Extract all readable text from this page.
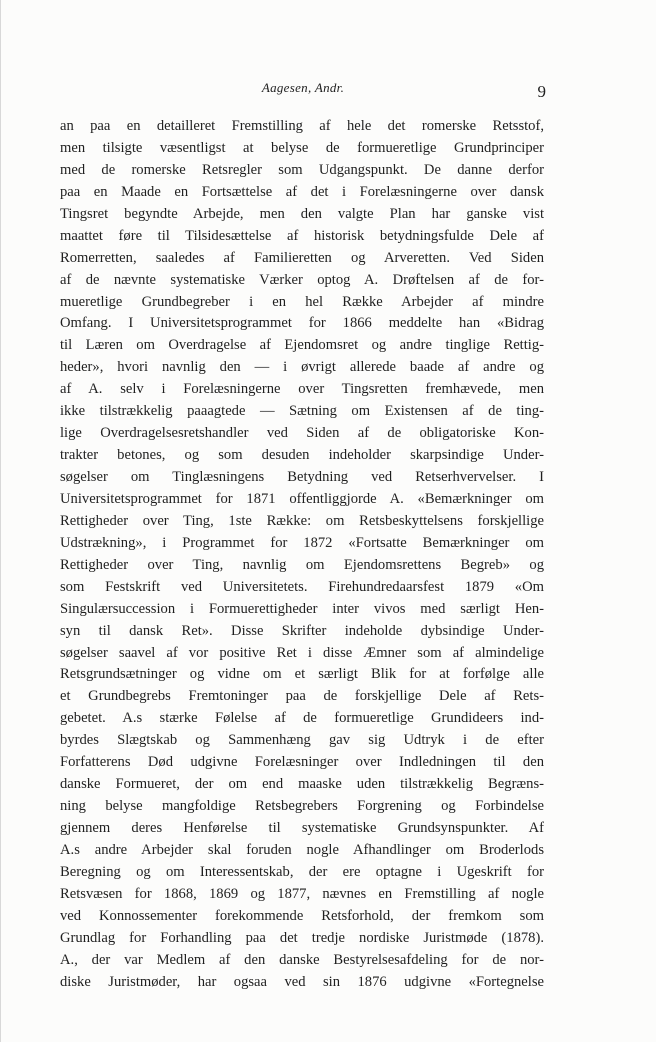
Aagesen, Andr.	9
an paa en detailleret Fremstilling af hele det romerske Retsstof,
men tilsigte væsentligst at belyse de formueretlige Grundprinciper
med de romerske Retsregler som Udgangspunkt. De danne derfor
paa en Maade en Fortsættelse af det i Forelæsningerne over dansk
Tingsret begyndte Arbejde, men den valgte Plan har ganske vist
maattet føre til Tilsidesættelse af historisk betydningsfulde Dele af
Romerretten, saaledes af Familieretten og Arveretten. Ved Siden
af de nævnte systematiske Værker optog A. Drøftelsen af de for-
mueretlige Grundbegreber i en hel Række Arbejder af mindre
Omfang. I Universitetsprogrammet for 1866 meddelte han «Bidrag
til Læren om Overdragelse af Ejendomsret og andre tinglige Rettig-
heder», hvori navnlig den — i øvrigt allerede baade af andre og
af A. selv i Forelæsningerne over Tingsretten fremhævede, men
ikke tilstrækkelig paaagtede — Sætning om Existensen af de ting-
lige Overdragelsesretshandler ved Siden af de obligatoriske Kon-
trakter betones, og som desuden indeholder skarpsindige Under-
søgelser om Tinglæsningens Betydning ved Retserhvervelser. I
Universitetsprogrammet for 1871 offentliggjorde A. «Bemærkninger om
Rettigheder over Ting, 1ste Række: om Retsbeskyttelsens forskjellige
Udstrækning», i Programmet for 1872 «Fortsatte Bemærkninger om
Rettigheder over Ting, navnlig om Ejendomsrettens Begreb» og
som Festskrift ved Universitetets. Firehundredaarsfest 1879 «Om
Singulærsuccession i Formuerettigheder inter vivos med særligt Hen-
syn til dansk Ret». Disse Skrifter indeholde dybsindige Under-
søgelser saavel af vor positive Ret i disse Æmner som af almindelige
Retsgrundsætninger og vidne om et særligt Blik for at forfølge alle
et Grundbegrebs Fremtoninger paa de forskjellige Dele af Rets-
gebetet. A.s stærke Følelse af de formueretlige Grundideers ind-
byrdes Slægtskab og Sammenhæng gav sig Udtryk i de efter
Forfatterens Død udgivne Forelæsninger over Indledningen til den
danske Formueret, der om end maaske uden tilstrækkelig Begræns-
ning belyse mangfoldige Retsbegrebers Forgrening og Forbindelse
gjennem deres Henførelse til systematiske Grundsynspunkter. Af
A.s andre Arbejder skal foruden nogle Afhandlinger om Broderlods
Beregning og om Interessentskab, der ere optagne i Ugeskrift for
Retsvæsen for 1868, 1869 og 1877, nævnes en Fremstilling af nogle
ved Konnossementer forekommende Retsforhold, der fremkom som
Grundlag for Forhandling paa det tredje nordiske Juristmøde (1878).
A., der var Medlem af den danske Bestyrelsesafdeling for de nor-
diske Juristmøder, har ogsaa ved sin 1876 udgivne «Fortegnelse
